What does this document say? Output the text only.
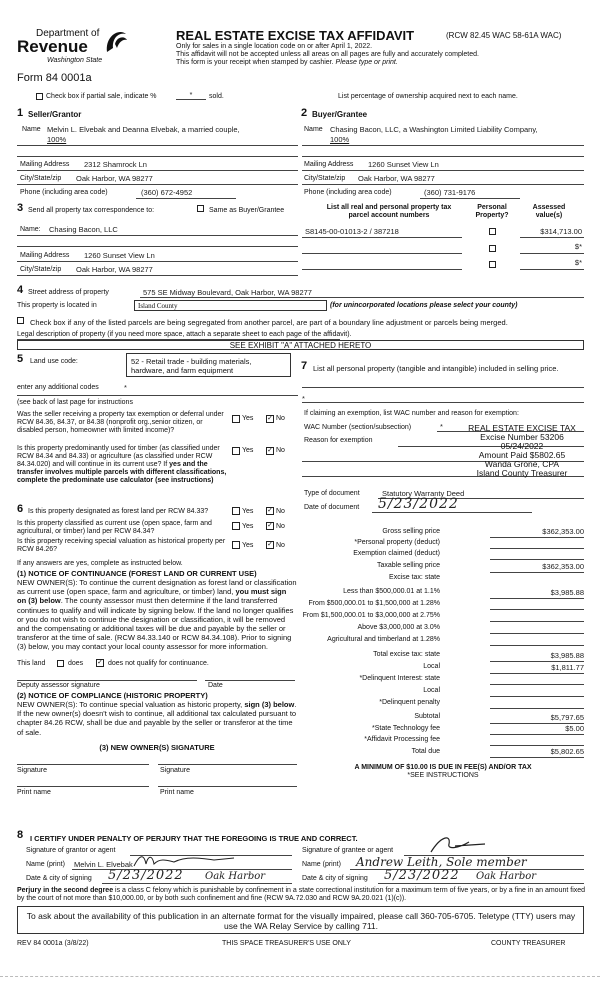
Department of
Revenue
Washington State
Form 84 0001a
REAL ESTATE EXCISE TAX AFFIDAVIT	(RCW 82.45 WAC 58-61A WAC)
Only for sales in a single location code on or after April 1, 2022.
This affidavit will not be accepted unless all areas on all pages are fully and accurately completed.
This form is your receipt when stamped by cashier. Please type or print.
Check box if partial sale, indicate %	*	sold.	List percentage of ownership acquired next to each name.
1 Seller/Grantor
Name Melvin L. Elvebak and Deanna Elvebak, a married couple,
100%
Mailing Address 2312 Shamrock Ln
City/State/zip Oak Harbor, WA 98277
Phone (including area code)	(360) 672-4952
2 Buyer/Grantee
Name Chasing Bacon, LLC, a Washington Limited Liability Company,
100%
Mailing Address 1260 Sunset View Ln
City/State/zip Oak Harbor, WA 98277
Phone (including area code)	(360) 731-9176
3 Send all property tax correspondence to:	Same as Buyer/Grantee
Name: Chasing Bacon, LLC
Mailing Address 1260 Sunset View Ln
City/State/zip Oak Harbor, WA 98277
List all real and personal property tax
parcel account numbers
Personal
Property?
Assessed
value(s)
S8145-00-01013-2 / 387218	$314,713.00
$*
$*
4 Street address of property	575 SE Midway Boulevard, Oak Harbor, WA 98277
This property is located in	Island County	(for unincorporated locations please select your county)
Check box if any of the listed parcels are being segregated from another parcel, are part of a boundary line adjustment or parcels being merged.
Legal description of property (if you need more space, attach a separate sheet to each page of the affidavit).
SEE EXHIBIT "A" ATTACHED HERETO
5 Land use code:	52 - Retail trade - building materials, hardware, and farm equipment
enter any additional codes	*
(see back of last page for instructions
Was the seller receiving a property tax exemption or deferral under RCW 84.36, 84.37, or 84.38 (nonprofit org.,senior citizen, or disabled person, homeowner with limited income)?
Yes ✓ No
Is this property predominantly used for timber (as classified under RCW 84.34 and 84.33) or agriculture (as classified under RCW 84.34.020) and will continue in its current use? If yes and the transfer involves multiple parcels with different classifications, complete the predominate use calculator (see instructions)
Yes ✓ No
7 List all personal property (tangible and intangible) included in selling price.
*
If claiming an exemption, list WAC number and reason for exemption:
WAC Number (section/subsection)	*
Reason for exemption
REAL ESTATE EXCISE TAX
Excise Number 53206
05/24/2022
Amount Paid $5802.65
Wanda Grone, CPA
Island County Treasurer
Type of document	Statutory Warranty Deed
Date of document 5/23/2022
6 Is this property designated as forest land per RCW 84.33?	Yes ✓ No
Is this property classified as current use (open space, farm and agricultural, or timber) land per RCW 84.34?
Yes ✓ No
Is this property receiving special valuation as historical property per RCW 84.26?
Yes ✓ No
If any answers are yes, complete as instructed below.
(1) NOTICE OF CONTINUANCE (FOREST LAND OR CURRENT USE)
NEW OWNER(S): To continue the current designation as forest land or classification as current use (open space, farm and agriculture, or timber) land, you must sign on (3) below. The county assessor must then determine if the land transferred continues to qualify and will indicate by signing below. If the land no longer qualifies or you do not wish to continue the designation or classification, it will be removed and the compensating or additional taxes will be due and payable by the seller or transferor at the time of sale. (RCW 84.33.140 or RCW 84.34.108). Prior to signing (3) below, you may contact your local county assessor for more information.
This land	does ✓ does not qualify for continuance.
Deputy assessor signature	Date
(2) NOTICE OF COMPLIANCE (HISTORIC PROPERTY)
NEW OWNER(S): To continue special valuation as historic property, sign (3) below. If the new owner(s) doesn't wish to continue, all additional tax calculated pursuant to chapter 84.26 RCW, shall be due and payable by the seller or transferor at the time of sale.
(3) NEW OWNER(S) SIGNATURE
Signature	Signature
Print name	Print name
Gross selling price	$362,353.00
*Personal property (deduct)
Exemption claimed (deduct)
Taxable selling price	$362,353.00
Excise tax: state
Less than $500,000.01 at 1.1%	$3,985.88
From $500,000.01 to $1,500,000 at 1.28%
From $1,500,000.01 to $3,000,000 at 2.75%
Above $3,000,000 at 3.0%
Agricultural and timberland at 1.28%
Total excise tax: state	$3,985.88
Local	$1,811.77
*Delinquent Interest: state
Local
*Delinquent penalty
Subtotal	$5,797.65
*State Technology fee	$5.00
*Affidavit Processing fee
Total due	$5,802.65
A MINIMUM OF $10.00 IS DUE IN FEE(S) AND/OR TAX
*SEE INSTRUCTIONS
8 I CERTIFY UNDER PENALTY OF PERJURY THAT THE FOREGOING IS TRUE AND CORRECT.
Signature of grantor or agent	Signature of grantee or agent
Name (print) Melvin L. Elvebak	Name (print) Andrew Leith, Sole member
Date & city of signing 5/23/2022 Oak Harbor	Date & city of signing 5/23/2022 Oak Harbor
Perjury in the second degree is a class C felony which is punishable by confinement in a state correctional institution for a maximum term of five years, or by a fine in an amount fixed by the court of not more than $10,000.00, or by both such confinement and fine (RCW 9A.72.030 and RCW 9A.20.021 (1)(c)).
To ask about the availability of this publication in an alternate format for the visually impaired, please call 360-705-6705. Teletype (TTY) users may use the WA Relay Service by calling 711.
REV 84 0001a (3/8/22)	THIS SPACE TREASURER'S USE ONLY	COUNTY TREASURER
